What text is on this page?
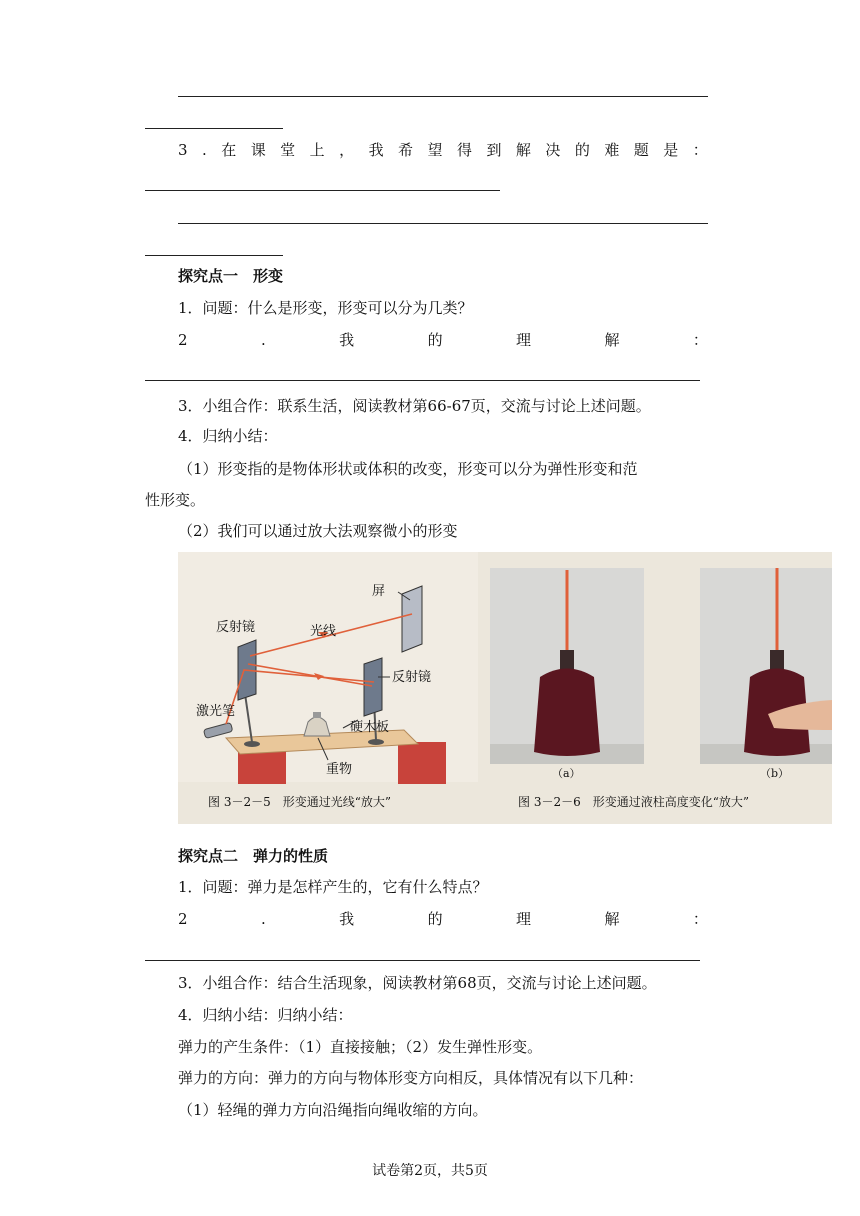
3 . 在 课 堂 上 ， 我 希 望 得 到 解 决 的 难 题 是 ：
探究点一　形变
1．问题：什么是形变，形变可以分为几类？
2	.	我	的	理	解	：
3．小组合作：联系生活，阅读教材第66-67页，交流与讨论上述问题。
4．归纳小结：
（1）形变指的是物体形状或体积的改变，形变可以分为弹性形变和范
性形变。
（2）我们可以通过放大法观察微小的形变
屏
反射镜	光线
反射镜
激光笔
硬木板
重物
图 3－2－5　形变通过光线“放大”
（a）	（b）
图 3－2－6　形变通过液柱高度变化“放大”
探究点二　弹力的性质
1．问题：弹力是怎样产生的，它有什么特点？
2	.	我	的	理	解	：
3．小组合作：结合生活现象，阅读教材第68页，交流与讨论上述问题。
4．归纳小结：归纳小结：
弹力的产生条件：（1）直接接触；（2）发生弹性形变。
弹力的方向：弹力的方向与物体形变方向相反，具体情况有以下几种：
（1）轻绳的弹力方向沿绳指向绳收缩的方向。
试卷第2页，共5页
